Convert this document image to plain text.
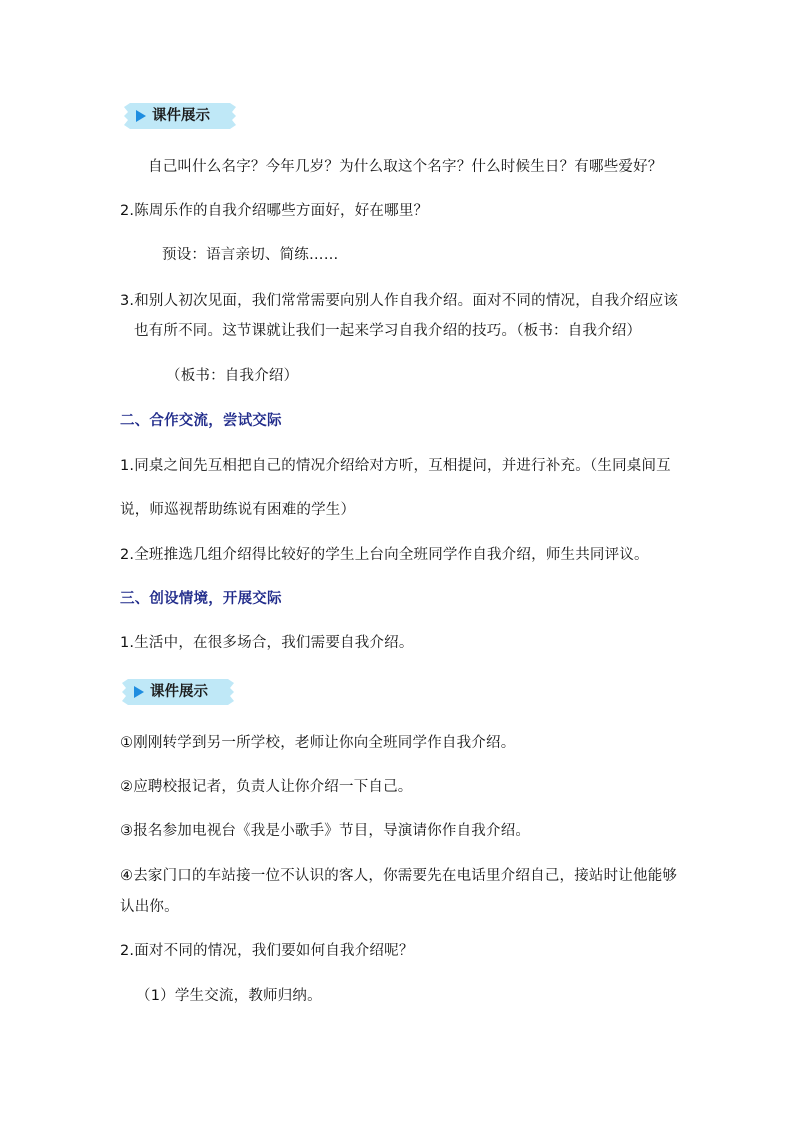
课件展示
自己叫什么名字？今年几岁？为什么取这个名字？什么时候生日？有哪些爱好？
2.陈周乐作的自我介绍哪些方面好，好在哪里？
预设：语言亲切、简练……
3.和别人初次见面，我们常常需要向别人作自我介绍。面对不同的情况，自我介绍应该
也有所不同。这节课就让我们一起来学习自我介绍的技巧。（板书：自我介绍）
（板书：自我介绍）
二、合作交流，尝试交际
1.同桌之间先互相把自己的情况介绍给对方听，互相提问，并进行补充。（生同桌间互
说，师巡视帮助练说有困难的学生）
2.全班推选几组介绍得比较好的学生上台向全班同学作自我介绍，师生共同评议。
三、创设情境，开展交际
1.生活中，在很多场合，我们需要自我介绍。
课件展示
①刚刚转学到另一所学校，老师让你向全班同学作自我介绍。
②应聘校报记者，负责人让你介绍一下自己。
③报名参加电视台《我是小歌手》节目，导演请你作自我介绍。
④去家门口的车站接一位不认识的客人，你需要先在电话里介绍自己，接站时让他能够
认出你。
2.面对不同的情况，我们要如何自我介绍呢？
（1）学生交流，教师归纳。
